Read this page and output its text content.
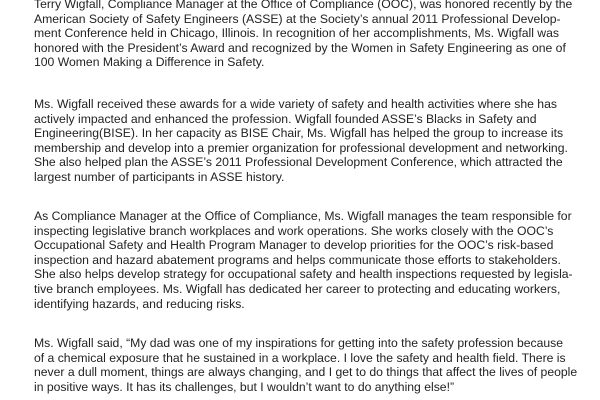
Terry Wigfall, Compliance Manager at the Office of Compliance (OOC), was honored recently by the
American Society of Safety Engineers (ASSE) at the Society’s annual 2011 Professional Develop-
ment Conference held in Chicago, Illinois. In recognition of her accomplishments, Ms. Wigfall was
honored with the President’s Award and recognized by the Women in Safety Engineering as one of
100 Women Making a Difference in Safety.
Ms. Wigfall received these awards for a wide variety of safety and health activities where she has
actively impacted and enhanced the profession. Wigfall founded ASSE’s Blacks in Safety and
Engineering(BISE). In her capacity as BISE Chair, Ms. Wigfall has helped the group to increase its
membership and develop into a premier organization for professional development and networking.
She also helped plan the ASSE’s 2011 Professional Development Conference, which attracted the
largest number of participants in ASSE history.
As Compliance Manager at the Office of Compliance, Ms. Wigfall manages the team responsible for
inspecting legislative branch workplaces and work operations. She works closely with the OOC’s
Occupational Safety and Health Program Manager to develop priorities for the OOC’s risk-based
inspection and hazard abatement programs and helps communicate those efforts to stakeholders.
She also helps develop strategy for occupational safety and health inspections requested by legisla-
tive branch employees. Ms. Wigfall has dedicated her career to protecting and educating workers,
identifying hazards, and reducing risks.
Ms. Wigfall said, “My dad was one of my inspirations for getting into the safety profession because
of a chemical exposure that he sustained in a workplace. I love the safety and health field. There is
never a dull moment, things are always changing, and I get to do things that affect the lives of people
in positive ways. It has its challenges, but I wouldn’t want to do anything else!”
